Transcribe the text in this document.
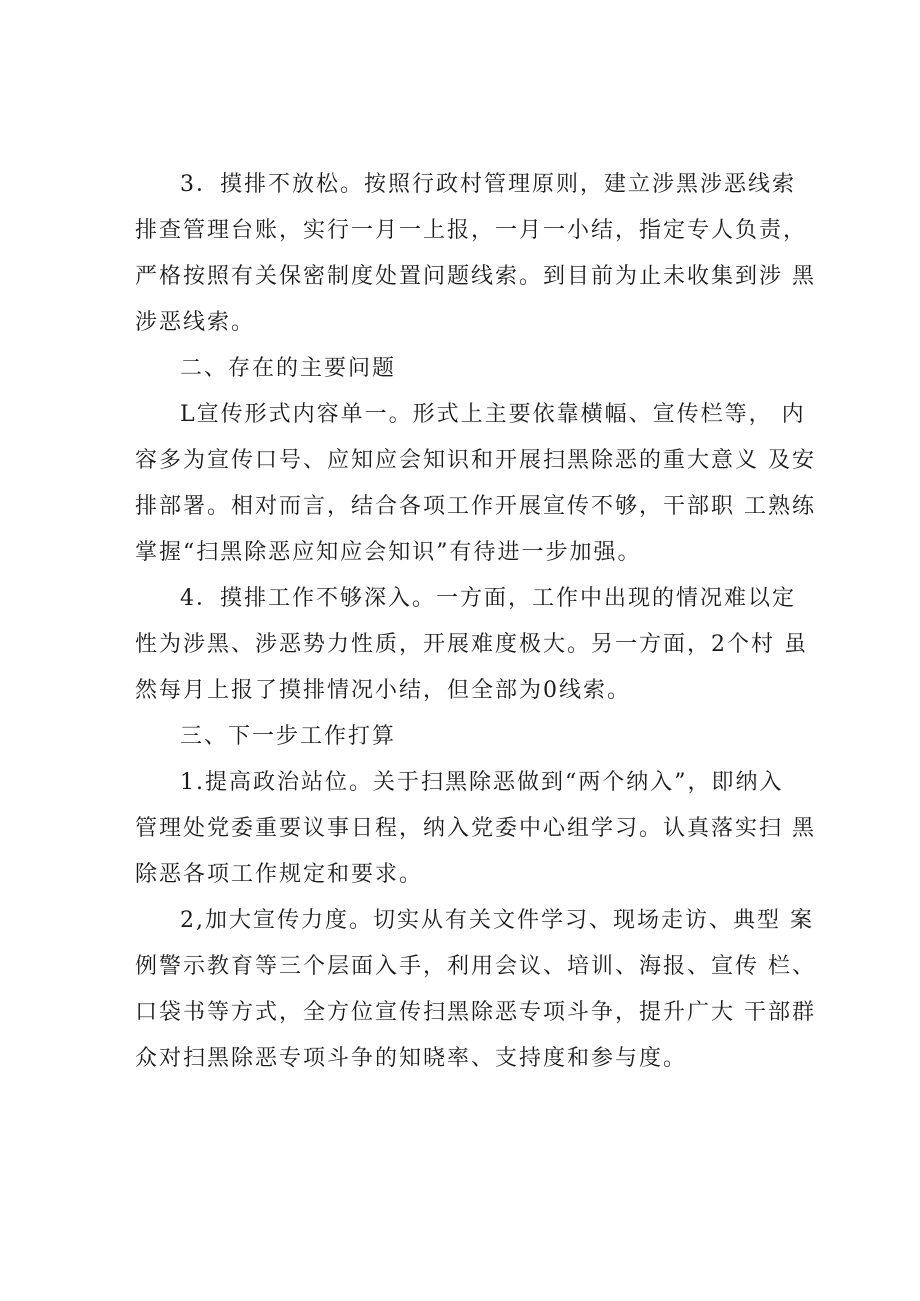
3．摸排不放松。按照行政村管理原则，建立涉黑涉恶线索
排查管理台账，实行一月一上报，一月一小结，指定专人负责，
严格按照有关保密制度处置问题线索。到目前为止未收集到涉 黑
涉恶线索。
二、存在的主要问题
L宣传形式内容单一。形式上主要依靠横幅、宣传栏等， 内
容多为宣传口号、应知应会知识和开展扫黑除恶的重大意义 及安
排部署。相对而言，结合各项工作开展宣传不够，干部职 工熟练
掌握“扫黑除恶应知应会知识”有待进一步加强。
4．摸排工作不够深入。一方面，工作中出现的情况难以定
性为涉黑、涉恶势力性质，开展难度极大。另一方面，2个村 虽
然每月上报了摸排情况小结，但全部为0线索。
三、下一步工作打算
1.提高政治站位。关于扫黑除恶做到“两个纳入”，即纳入
管理处党委重要议事日程，纳入党委中心组学习。认真落实扫 黑
除恶各项工作规定和要求。
2,加大宣传力度。切实从有关文件学习、现场走访、典型 案
例警示教育等三个层面入手，利用会议、培训、海报、宣传 栏、
口袋书等方式，全方位宣传扫黑除恶专项斗争，提升广大 干部群
众对扫黑除恶专项斗争的知晓率、支持度和参与度。
